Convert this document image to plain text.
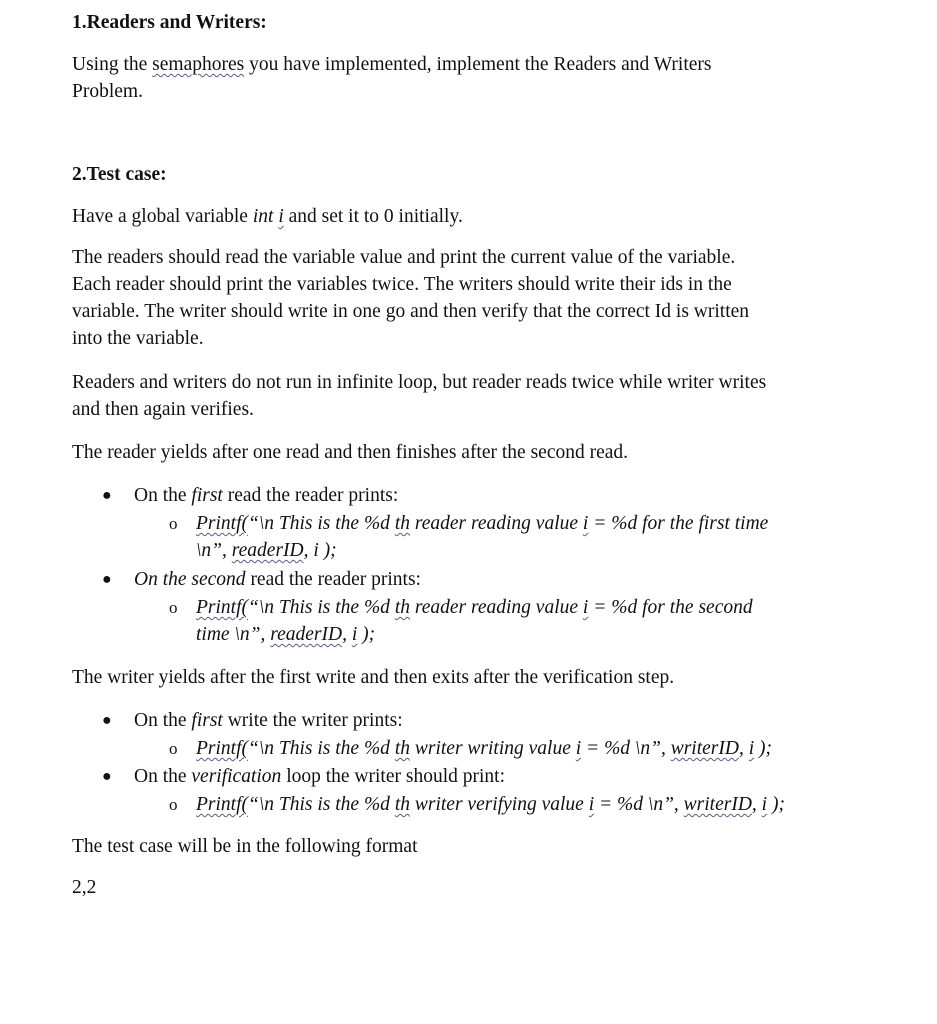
1.Readers and Writers:
Using the semaphores you have implemented, implement the Readers and Writers
Problem.
2.Test case:
Have a global variable int i and set it to 0 initially.
The readers should read the variable value and print the current value of the variable.
Each reader should print the variables twice. The writers should write their ids in the
variable. The writer should write in one go and then verify that the correct Id is written
into the variable.
Readers and writers do not run in infinite loop, but reader reads twice while writer writes
and then again verifies.
The reader yields after one read and then finishes after the second read.
● On the first read the reader prints:
o Printf(“\n This is the %d th reader reading value i = %d for the first time
\n”, readerID, i );
● On the second read the reader prints:
o Printf(“\n This is the %d th reader reading value i = %d for the second
time \n”, readerID, i );
The writer yields after the first write and then exits after the verification step.
● On the first write the writer prints:
o Printf(“\n This is the %d th writer writing value i = %d \n”, writerID, i );
● On the verification loop the writer should print:
o Printf(“\n This is the %d th writer verifying value i = %d \n”, writerID, i );
The test case will be in the following format
2,2
